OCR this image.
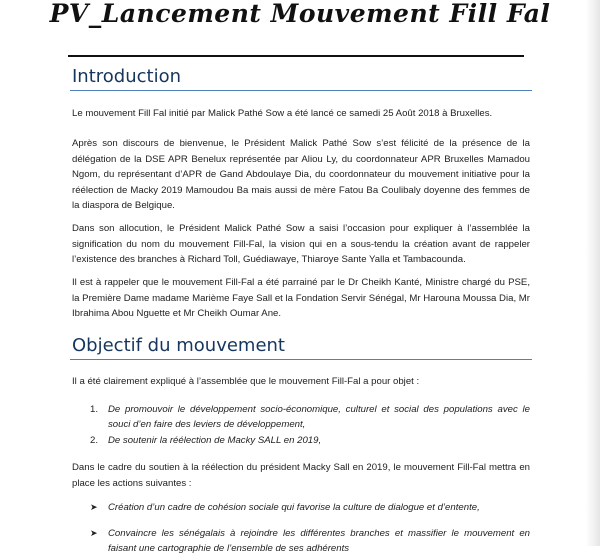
PV_Lancement Mouvement Fill Fal
Introduction
Le mouvement Fill Fal initié par Malick Pathé Sow a été lancé ce samedi 25 Août 2018 à Bruxelles.
Après son discours de bienvenue, le Président Malick Pathé Sow s’est félicité de la présence de la délégation de la DSE APR Benelux représentée par Aliou Ly, du coordonnateur APR Bruxelles Mamadou Ngom, du représentant d’APR de Gand Abdoulaye Dia, du coordonnateur du mouvement initiative pour la réélection de Macky 2019 Mamoudou Ba mais aussi de mère Fatou Ba Coulibaly doyenne des femmes de la diaspora de Belgique.
Dans son allocution, le Président Malick Pathé Sow a saisi l’occasion pour expliquer à l’assemblée la signification du nom du mouvement Fill-Fal, la vision qui en a sous-tendu la création avant de rappeler l’existence des branches à Richard Toll, Guédiawaye, Thiaroye Sante Yalla et Tambacounda.
Il est à rappeler que le mouvement Fill-Fal a été parrainé par le Dr Cheikh Kanté, Ministre chargé du PSE, la Première Dame madame Marième Faye Sall et la Fondation Servir Sénégal, Mr Harouna Moussa Dia, Mr Ibrahima Abou Nguette et Mr Cheikh Oumar Ane.
Objectif du mouvement
Il a été clairement expliqué à l’assemblée que le mouvement Fill-Fal a pour objet :
1. De promouvoir le développement socio-économique, culturel et social des populations avec le souci d’en faire des leviers de développement,
2. De soutenir la réélection de Macky SALL en 2019,
Dans le cadre du soutien à la réélection du président Macky Sall en 2019, le mouvement Fill-Fal mettra en place les actions suivantes :
➤ Création d’un cadre de cohésion sociale qui favorise la culture de dialogue et d’entente,
➤ Convaincre les sénégalais à rejoindre les différentes branches et massifier le mouvement en faisant une cartographie de l’ensemble de ses adhérents
